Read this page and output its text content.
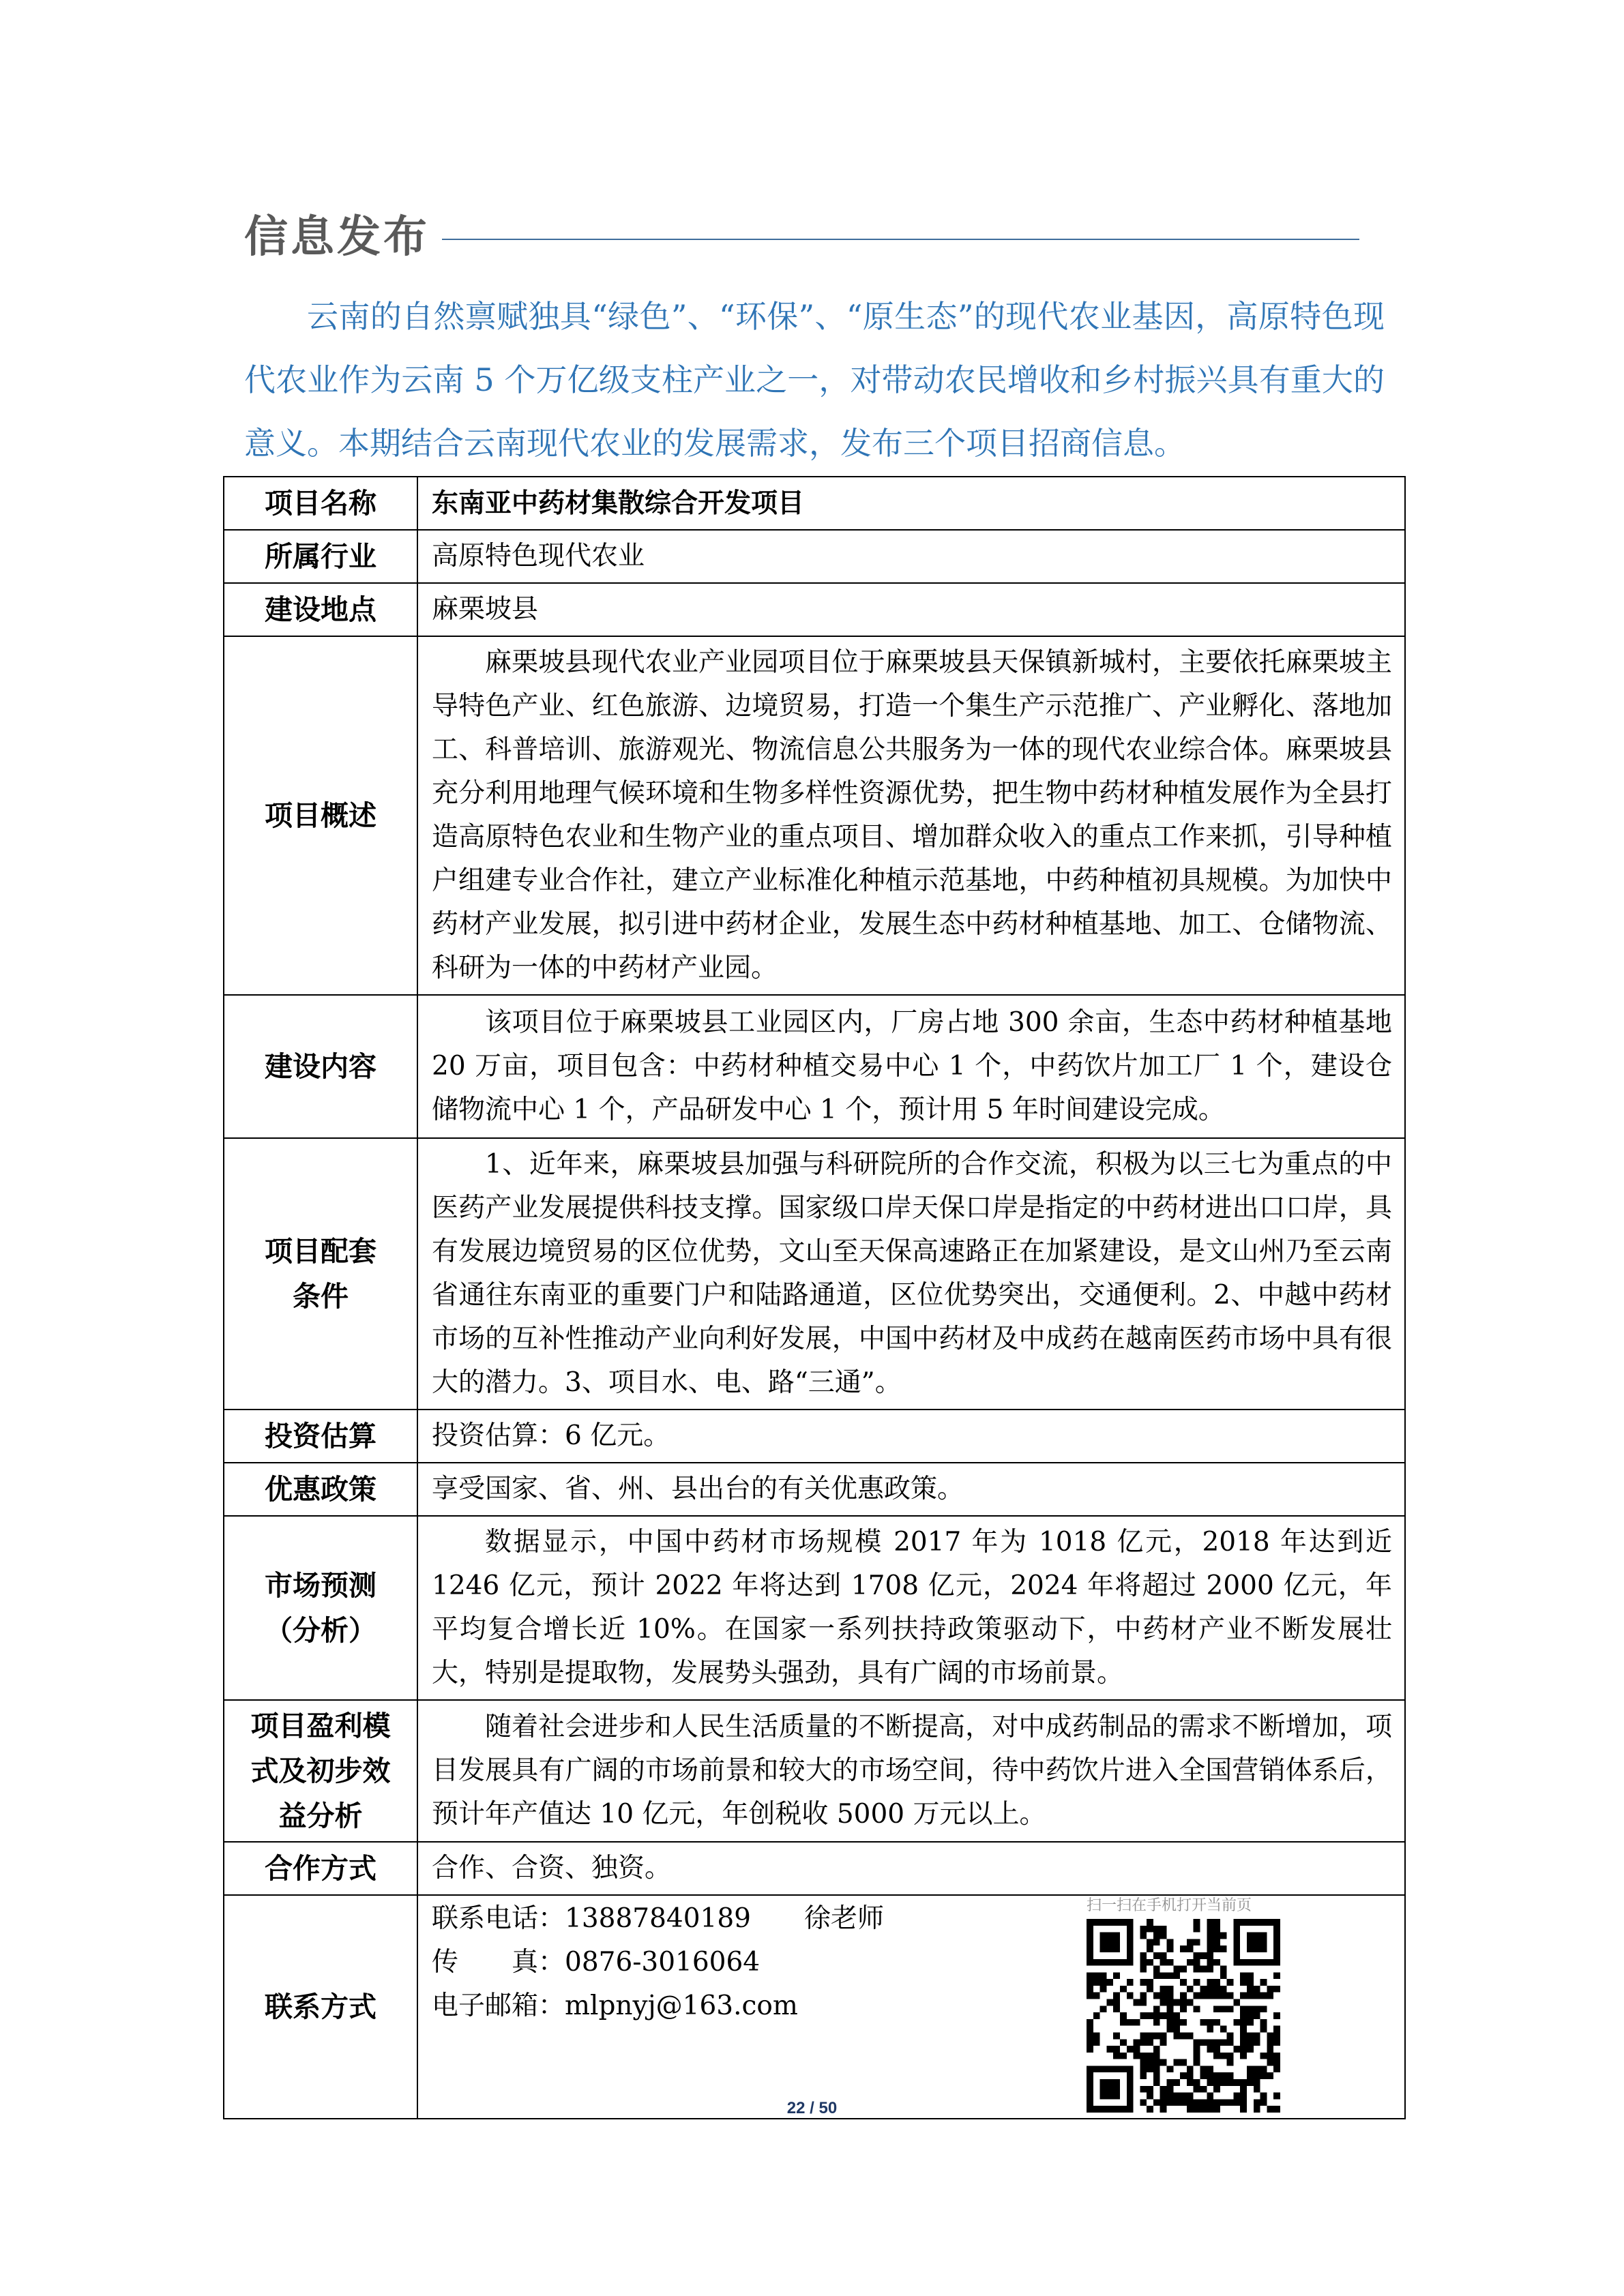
信息发布

云南的自然禀赋独具“绿色”、“环保”、“原生态”的现代农业基因，高原特色现代农业作为云南 5 个万亿级支柱产业之一，对带动农民增收和乡村振兴具有重大的意义。本期结合云南现代农业的发展需求，发布三个项目招商信息。

项目名称	东南亚中药材集散综合开发项目
所属行业	高原特色现代农业
建设地点	麻栗坡县
项目概述	麻栗坡县现代农业产业园项目位于麻栗坡县天保镇新城村，主要依托麻栗坡主导特色产业、红色旅游、边境贸易，打造一个集生产示范推广、产业孵化、落地加工、科普培训、旅游观光、物流信息公共服务为一体的现代农业综合体。麻栗坡县充分利用地理气候环境和生物多样性资源优势，把生物中药材种植发展作为全县打造高原特色农业和生物产业的重点项目、增加群众收入的重点工作来抓，引导种植户组建专业合作社，建立产业标准化种植示范基地，中药种植初具规模。为加快中药材产业发展，拟引进中药材企业，发展生态中药材种植基地、加工、仓储物流、科研为一体的中药材产业园。

建设内容	该项目位于麻栗坡县工业园区内，厂房占地 300 余亩，生态中药材种植基地 20 万亩，项目包含：中药材种植交易中心 1 个，中药饮片加工厂 1 个，建设仓储物流中心 1 个，产品研发中心 1 个，预计用 5 年时间建设完成。

项目配套
条件	1、近年来，麻栗坡县加强与科研院所的合作交流，积极为以三七为重点的中医药产业发展提供科技支撑。国家级口岸天保口岸是指定的中药材进出口口岸，具有发展边境贸易的区位优势，文山至天保高速路正在加紧建设，是文山州乃至云南省通往东南亚的重要门户和陆路通道，区位优势突出，交通便利。2、中越中药材市场的互补性推动产业向利好发展，中国中药材及中成药在越南医药市场中具有很大的潜力。3、项目水、电、路“三通”。

投资估算	投资估算：6 亿元。
优惠政策	享受国家、省、州、县出台的有关优惠政策。

市场预测
（分析）	数据显示，中国中药材市场规模 2017 年为 1018 亿元，2018 年达到近 1246 亿元，预计 2022 年将达到 1708 亿元，2024 年将超过 2000 亿元，年平均复合增长近 10%。在国家一系列扶持政策驱动下，中药材产业不断发展壮大，特别是提取物，发展势头强劲，具有广阔的市场前景。

项目盈利模
式及初步效
益分析	随着社会进步和人民生活质量的不断提高，对中成药制品的需求不断增加，项目发展具有广阔的市场前景和较大的市场空间，待中药饮片进入全国营销体系后，预计年产值达 10 亿元，年创税收 5000 万元以上。

合作方式	合作、合资、独资。
联系方式	联系电话：13887840189　　徐老师
传　　真：0876-3016064
电子邮箱：mlpnyj@163.com
扫一扫在手机打开当前页
22 / 50
